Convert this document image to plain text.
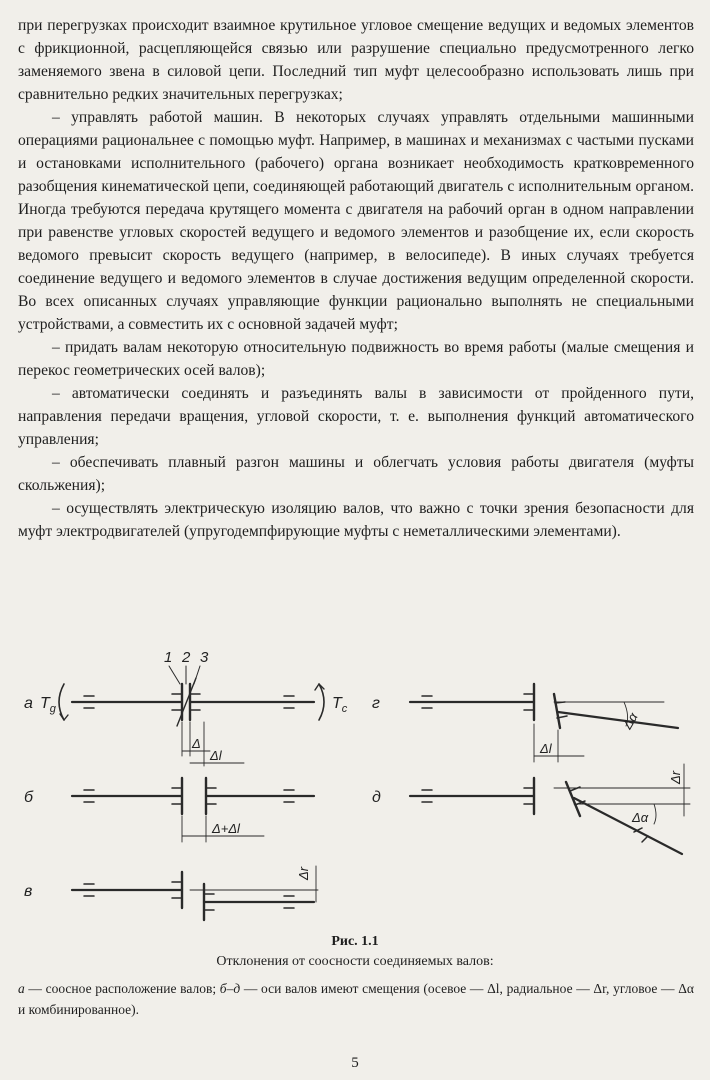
при перегрузках происходит взаимное крутильное угловое смещение ведущих и ведомых элементов с фрикционной, расцепляющейся связью или разрушение специально предусмотренного легко заменяемого звена в силовой цепи. Последний тип муфт целесообразно использовать лишь при сравнительно редких значительных перегрузках;

– управлять работой машин. В некоторых случаях управлять отдельными машинными операциями рациональнее с помощью муфт. Например, в машинах и механизмах с частыми пусками и остановками исполнительного (рабочего) органа возникает необходимость кратковременного разобщения кинематической цепи, соединяющей работающий двигатель с исполнительным органом. Иногда требуются передача крутящего момента с двигателя на рабочий орган в одном направлении при равенстве угловых скоростей ведущего и ведомого элементов и разобщение их, если скорость ведомого превысит скорость ведущего (например, в велосипеде). В иных случаях требуется соединение ведущего и ведомого элементов в случае достижения ведущим определенной скорости. Во всех описанных случаях управляющие функции рационально выполнять не специальными устройствами, а совместить их с основной задачей муфт;

– придать валам некоторую относительную подвижность во время работы (малые смещения и перекос геометрических осей валов);

– автоматически соединять и разъединять валы в зависимости от пройденного пути, направления передачи вращения, угловой скорости, т. е. выполнения функций автоматического управления;

– обеспечивать плавный разгон машины и облегчать условия работы двигателя (муфты скольжения);

– осуществлять электрическую изоляцию валов, что важно с точки зрения безопасности для муфт электродвигателей (упругодемпфирующие муфты с неметаллическими элементами).

а
б
в
г
д
1 2 3
$T_g$	$T_c$
Δ
Δl
Δ+Δl
Δr
Δl
Δα
Δr
Δα
Рис. 1.1
Отклонения от соосности соединяемых валов:
а — соосное расположение валов; б–д — оси валов имеют смещения (осевое — Δl, радиальное — Δr, угловое — Δα и комбинированное).
5
